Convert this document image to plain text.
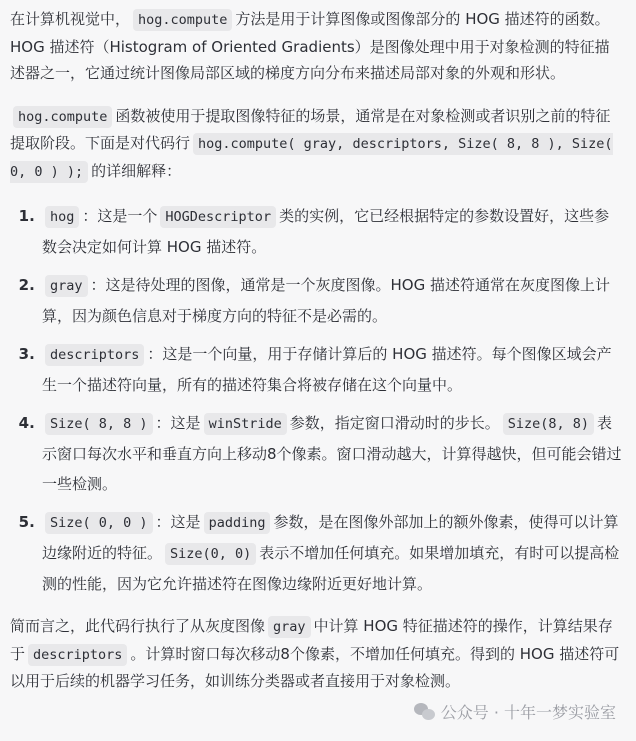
在计算机视觉中， hog.compute 方法是用于计算图像或图像部分的 HOG 描述符的函数。HOG 描述符（Histogram of Oriented Gradients）是图像处理中用于对象检测的特征描述器之一，它通过统计图像局部区域的梯度方向分布来描述局部对象的外观和形状。

hog.compute 函数被使用于提取图像特征的场景，通常是在对象检测或者识别之前的特征提取阶段。下面是对代码行 hog.compute( gray, descriptors, Size( 8, 8 ), Size( 0, 0 ) ); 的详细解释：

1. hog ：这是一个 HOGDescriptor 类的实例，它已经根据特定的参数设置好，这些参数会决定如何计算 HOG 描述符。
2. gray ：这是待处理的图像，通常是一个灰度图像。HOG 描述符通常在灰度图像上计算，因为颜色信息对于梯度方向的特征不是必需的。
3. descriptors ：这是一个向量，用于存储计算后的 HOG 描述符。每个图像区域会产生一个描述符向量，所有的描述符集合将被存储在这个向量中。
4. Size( 8, 8 ) ：这是 winStride 参数，指定窗口滑动时的步长。 Size(8, 8) 表示窗口每次水平和垂直方向上移动8个像素。窗口滑动越大，计算得越快，但可能会错过一些检测。
5. Size( 0, 0 ) ：这是 padding 参数，是在图像外部加上的额外像素，使得可以计算边缘附近的特征。 Size(0, 0) 表示不增加任何填充。如果增加填充，有时可以提高检测的性能，因为它允许描述符在图像边缘附近更好地计算。

简而言之，此代码行执行了从灰度图像 gray 中计算 HOG 特征描述符的操作，计算结果存于 descriptors 。计算时窗口每次移动8个像素，不增加任何填充。得到的 HOG 描述符可以用于后续的机器学习任务，如训练分类器或者直接用于对象检测。

公众号 · 十年一梦实验室
